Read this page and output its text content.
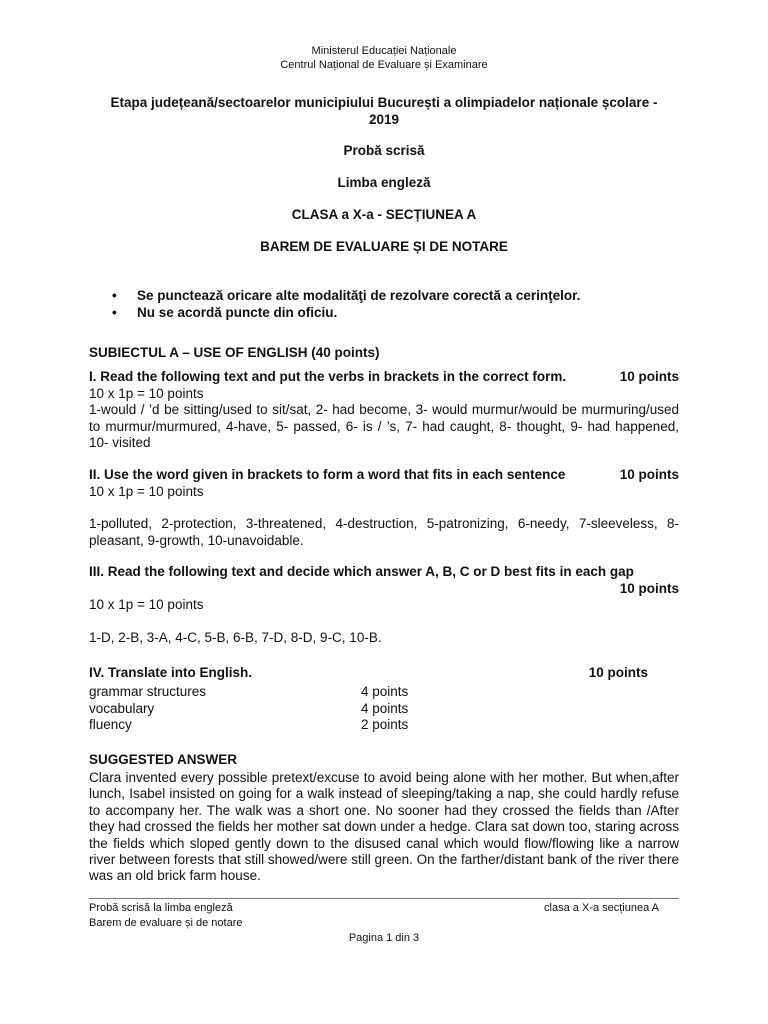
Ministerul Educației Naționale
Centrul Național de Evaluare și Examinare
Etapa județeană/sectoarelor municipiului București a olimpiadelor naționale școlare -
2019
Probă scrisă
Limba engleză
CLASA a X-a - SECȚIUNEA A
BAREM DE EVALUARE ȘI DE NOTARE
• Se punctează oricare alte modalităţi de rezolvare corectă a cerinţelor.
• Nu se acordă puncte din oficiu.
SUBIECTUL A – USE OF ENGLISH (40 points)
I. Read the following text and put the verbs in brackets in the correct form.	10 points
10 x 1p = 10 points
1-would / ’d be sitting/used to sit/sat, 2- had become, 3- would murmur/would be murmuring/used to murmur/murmured, 4-have, 5- passed, 6- is / ’s, 7- had caught, 8- thought, 9- had happened, 10- visited
II. Use the word given in brackets to form a word that fits in each sentence	10 points
10 x 1p = 10 points
1-polluted, 2-protection, 3-threatened, 4-destruction, 5-patronizing, 6-needy, 7-sleeveless, 8-pleasant, 9-growth, 10-unavoidable.
III. Read the following text and decide which answer A, B, C or D best fits in each gap
10 points
10 x 1p = 10 points
1-D, 2-B, 3-A, 4-C, 5-B, 6-B, 7-D, 8-D, 9-C, 10-B.
IV. Translate into English.	10 points
grammar structures	4 points
vocabulary	4 points
fluency	2 points
SUGGESTED ANSWER
Clara invented every possible pretext/excuse to avoid being alone with her mother. But when,after lunch, Isabel insisted on going for a walk instead of sleeping/taking a nap, she could hardly refuse to accompany her. The walk was a short one. No sooner had they crossed the fields than /After they had crossed the fields her mother sat down under a hedge. Clara sat down too, staring across the fields which sloped gently down to the disused canal which would flow/flowing like a narrow river between forests that still showed/were still green. On the farther/distant bank of the river there was an old brick farm house.
Probă scrisă la limba engleză	clasa a X-a secțiunea A
Barem de evaluare și de notare
Pagina 1 din 3
